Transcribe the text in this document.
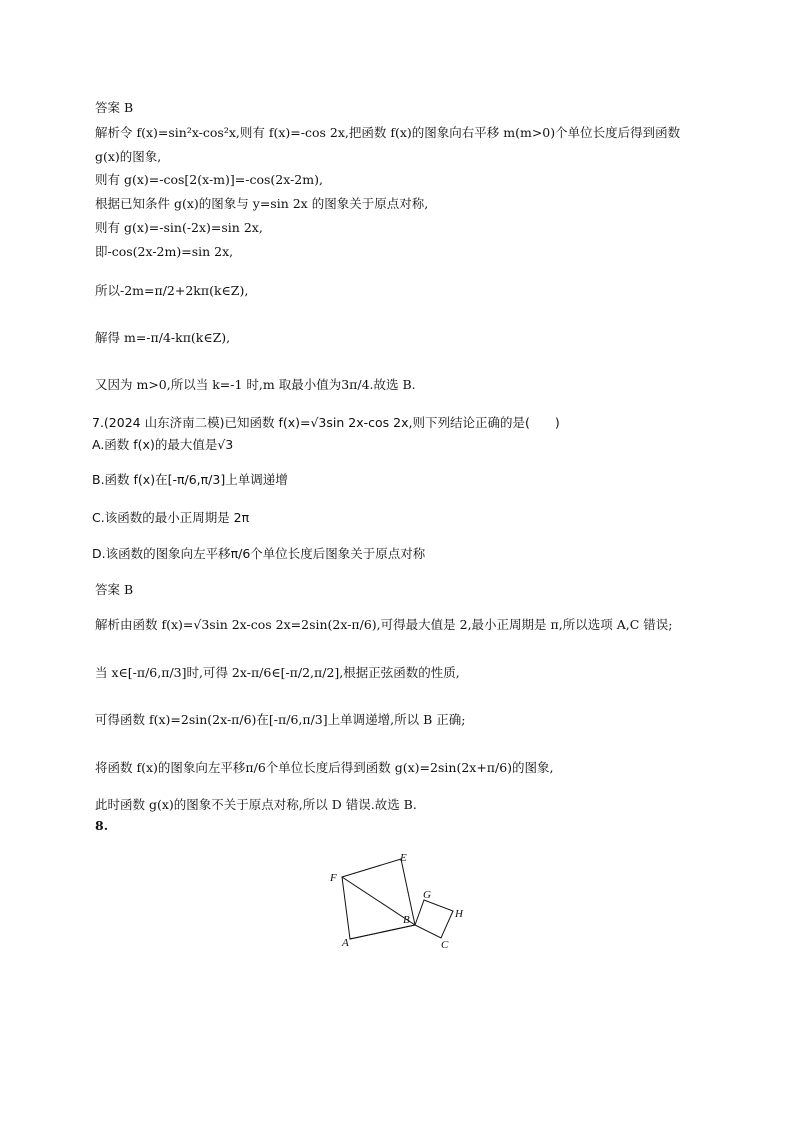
答案 B
解析令 f(x)=sin²x-cos²x,则有 f(x)=-cos 2x,把函数 f(x)的图象向右平移 m(m>0)个单位长度后得到函数
g(x)的图象,
则有 g(x)=-cos[2(x-m)]=-cos(2x-2m),
根据已知条件 g(x)的图象与 y=sin 2x 的图象关于原点对称,
则有 g(x)=-sin(-2x)=sin 2x,
即-cos(2x-2m)=sin 2x,
所以-2m=π/2+2kπ(k∈Z),
解得 m=-π/4-kπ(k∈Z),
又因为 m>0,所以当 k=-1 时,m 取最小值为3π/4.故选 B.
7.(2024 山东济南二模)已知函数 f(x)=√3sin 2x-cos 2x,则下列结论正确的是(　　)
A.函数 f(x)的最大值是√3
B.函数 f(x)在[-π/6,π/3]上单调递增
C.该函数的最小正周期是 2π
D.该函数的图象向左平移π/6个单位长度后图象关于原点对称
答案 B
解析由函数 f(x)=√3sin 2x-cos 2x=2sin(2x-π/6),可得最大值是 2,最小正周期是 π,所以选项 A,C 错误;
当 x∈[-π/6,π/3]时,可得 2x-π/6∈[-π/2,π/2],根据正弦函数的性质,
可得函数 f(x)=2sin(2x-π/6)在[-π/6,π/3]上单调递增,所以 B 正确;
将函数 f(x)的图象向左平移π/6个单位长度后得到函数 g(x)=2sin(2x+π/6)的图象,
此时函数 g(x)的图象不关于原点对称,所以 D 错误.故选 B.
8.
E
F
G
H
B
A	C
